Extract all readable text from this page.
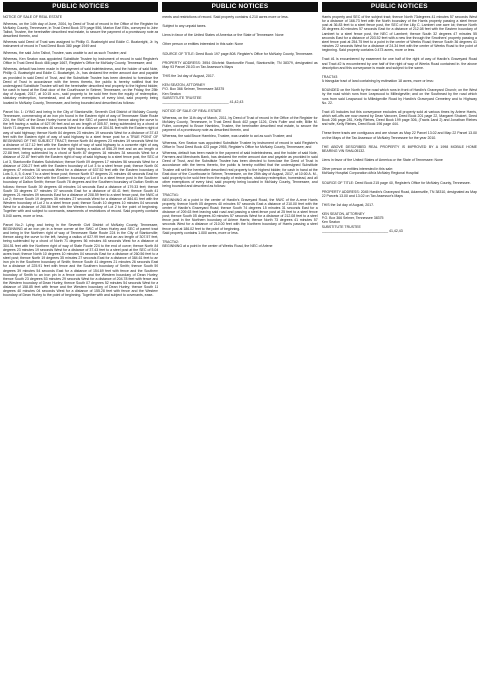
PUBLIC NOTICES

NOTICE OF SALE OF REAL ESTATE

Whereas, on the 14th day of June, 2004, by Deed of Trust of record in the Office of the Register for McNairy County, Tennessee, in Trust Deed Book 379 page 556, Marion Earl Ellis, conveyed to John Talbot, Trustee, the hereinafter described real estate, to secure the payment of a promissory note as described therein, and

Whereas said Deed of Trust was assigned to Phillip G. Boatwright and Eddie C. Boatwright, Jr. by instrument of record in Trust Deed Book 380 page 1949 and

Whereas, the said John Talbot, Trustee, was unable to act as such Trustee; and

Whereas, Ken Seaton was appointed Substitute Trustee by instrument of record in said Register's Office in Trust Deed Book 466 page 1667, Register's Office for McNairy County, Tennessee; and

Whereas, default has been made in the payment of said indebtedness, and the holder of said Note, Phillip G. Boatwright and Eddie C. Boatwright, Jr., has declared the entire amount due and payable as provided in said Deed of Trust, and the Substitute Trustee has been directed to foreclose the Deed of Trust in accordance with the terms thereto, the public is hereby notified that the undersigned Substitute Trustee will sell the hereinafter described real property to the highest bidder, for cash in hand at the East door of the Courthouse in Selmer, Tennessee, on the Friday, the 25th day of August, 2017, at 10:15 a.m., said property to be sold free from the equity of redemption, statutory redemption, homestead, and all other exemptions of every kind, said property being located in McNairy County, Tennessee, and being bounded and described as follows:

Parcel No. 1: LYING and being in the City of Stantonville, Seventh Civil District of McNairy County, Tennessee, commencing at an iron pin found in the Eastern right of way of Tennessee State Route 224, the SWC of the Dean Hurley home lot and the SEC of parent tract; thence along the curve to the left having a radius of 627.99 feet and an arc length of 305.57, being subtended by a chord of North 71 degrees 56 minutes 46 seconds West for a distance of 304.51 feet with the Eastern right of way of said highway; thence North 84 degrees 23 minutes 19 seconds West for a distance of 37.43 feet with the Eastern right of way of said highway to a steel fence post for a TRUE POINT OF BEGINNING OF THE SUBJECT TRACT; thence North 84 degrees 23 minutes 19 seconds West for a distance of 117.12 feet with the Eastern right of way of said highway to a concrete right of way monument; thence along a curve to the right having a radius of 556.29 feet and an arc length of 22.88 feet, being subtended by a chord of North 87 degrees 16 minutes 34 seconds West for a distance of 22.87 feet with the Eastern right of way of said highway to a steel fence post, the SEC of Lot 3, Stantonville Estates Subdivision; thence North 09 degrees 17 minutes 56 seconds West for a distance of 226.27 feet with the Eastern boundary of Lot 3 to a steel fence post; thence North 00 degrees 47 minutes 16 seconds West for a distance of 637.52 feet with the Eastern boundary of Lots 3, 4, 5, 6 and 7 to a steel fence post; thence North 57 degrees 21 minutes 46 seconds East for a distance of 100.00 feet with the Eastern boundary of Lot 8 to a steel fence post in the Southern boundary of Dalton Smith; thence South 78 degrees and the Southern boundary of Dalton Smith as follows: thence South 39 degrees 48 minutes 14 seconds East a distance of 179.33 feet; thence South 33 degrees 07 minutes 07 seconds East for a distance of 40.41 feet; thence South 41 degrees 21 minutes 09 seconds East for a distance of 208.59 feet to a steel fence post, the NWC of Lot 2; thence South 19 degrees 35 minutes 27 seconds West for a distance of 384.61 feet with the Western boundary of Lot 2 to a steel fence post; thence South 10 degrees 10 minutes 04 seconds West for a distance of 260.56 feet with the Western boundary of Lot 2 to the point of beginning. Together with and subject to covenants, easements of restrictions of record. Said property contains 5.040 acres, more or less.

Parcel No.2: Lying and being in the Seventh Civil District of McNairy County, Tennessee, BEGINNING at an iron pin in a fence corner at the SWC of Dean Hurley and SEC of parent tract and being in the Northern right of way of Tennessee State Route 224 in the City of Stantonville; thence along the curve to the left, having a radius of 627.99 feet and an arc length of 307.57 feet, being subtended by a chord of North 71 degrees 56 minutes 46 seconds West for a distance of 304.51 feet with the Northern right of way of State Route 224 to the end of curve; thence North 84 degrees 23 minutes 19 seconds West for a distance of 37.43 feet to a steel post at the SEC of 5.04 acres tract; thence North 10 degrees 10 minutes 04 seconds East for a distance of 260.56 feet to a steel post; thence North 19 degrees 35 minutes 27 seconds East for a distance of 384.61 feet to an iron pin in the Southern boundary of Smith; thence South 41 degrees 21 minutes 26 seconds East for a distance of 225.91 feet with fence and the Southern boundary of Smith; thence South 59 degrees 39 minutes 54 seconds East for a distance of 154.69 feet with fence and the Southern boundary of Smith to an iron pin in a fence corner and the Western boundary of Dean Hurley; thence South 23 degrees 53 minutes 29 seconds West for a distance of 204.78 feet with fence and the Western boundary of Dean Hurley; thence South 07 degrees 52 minutes 54 seconds West for a distance of 158.85 feet with fence and the Western boundary of Dean Hurley; thence South 11 degrees 40 minutes 04 seconds West for a distance of 155.28 feet with fence and the Western boundary of Dean Hurley to the point of beginning. Together with and subject to covenants, ease-

PUBLIC NOTICES

ments and restrictions of record. Said property contains 4.210 acres more or less.

Subject to any unpaid taxes.

Liens in favor of the United States of America or the State of Tennessee: None

Other person or entities interested in this sale: None

SOURCE OF TITLE: Deed Book 197 page 808. Register's Office for McNairy County, Tennessee.

PROPERTY ADDRESS: 3954 Gilchrist Stantonville Road, Stantonville, TN 38379, designated as Map 93 Parcel 28.03 on Tax Assessor's Maps

THIS the 1st day of August, 2017.

KEN SEATON, ATTORNEY
P.O. Box 366 Selmer, Tennessee 38375
Ken Seaton
SUBSTITUTE TRUSTEE
__________________________________ 41,42,43

NOTICE OF SALE OF REAL ESTATE

Whereas, on the 11th day of March, 2011, by Deed of Trust of record in the Office of the Register for McNairy County, Tennessee, in Trust Deed Book 402 page 1126, Chris Fuller and wife, Billie M. Fuller, conveyed to Bruce Hambleu, Trustee, the hereinafter described real estate, to secure the payment of a promissory note as described therein, and

Whereas, the said Bruce Hambleu, Trustee, was unable to act as such Trustee; and

Whereas, Ken Seaton was appointed Substitute Trustee by instrument of record in said Register's Office in Trust Deed Book 423 page 2955, Register's Office for McNairy County, Tennessee; and

Whereas, default has been made in the payment of said indebtedness, and the holder of said Note, Farmers and Merchants Bank, has declared the entire amount due and payable as provided in said Deed of Trust, and the Substitute Trustee has been directed to foreclose the Deed of Trust in accordance with the terms thereto, the public is hereby notified that the undersigned Substitute Trustee will sell the hereinafter described real property to the highest bidder, for cash in hand at the East door of the Courthouse in Selmer, Tennessee, on the 25th day of August, 2017, at 10:00 A. M., said property to be sold free from the equity of redemption, statutory redemption, homestead, and all other exemptions of every kind, said property being located in McNairy County, Tennessee, and being bounded and described as follows:

TRACT#1:
BEGINNING at a point in the center of Hardin's Graveyard Road, the NWC of the A-rene Harris property; thence North 05 degrees 40 minutes 57 seconds East a distance of 210.00 feet with the center of Hardin's Graveyard Road; thence South 74 degrees 15 minutes 31 seconds East for a distance of 209.63 feet leaving said road and passing a steel-fence post at 25 feet to a steel fence post; thence South 05 degrees 40 minutes 57 seconds West for a distance of 212.08 feet to a steel fence post in the Northern boundary of Arlene Harris; thence North 73 degrees 41 minutes 57 seconds West for a distance of 210.00 feet with the Northern boundary of Harris passing a steel fence post at 186.02 feet to the point of beginning.
Said property contains 1.000 acres, more or less.

TRACT#2:
BEGINNING at a point in the center of Weeks Road, the NEC of Arlene

PUBLIC NOTICES

Harris property and SEC of the subject tract; thence North 73degrees 41 minutes 57 seconds West for a distance of 166.73 feet with the North boundary of the Harris property passing a steel fence post at 36.83 feet to a steel fence post, the SEC of the Lilly C. Lambert one acre lot; thence North 05 degrees 40 minutes 57 seconds East for a distance of 212.08 feet with the Eastern boundary of Lambert to a steel fence post, the NEC of Lambert; thence South 32 degrees 47 minutes 55 seconds East for a distance of 203.52 feet with a new line through the Smothers' property passing a steel fence post at 254.75 feet to a point in the center of Weeks Road; thence South 36 degrees 41 minutes 22 seconds West for a distance of 24.34 feet with the center of Weeks Road to the point of beginning. Said property contains 0.473 acres, more or less.

Tract #1 is encumbered by easement for one half of the right of way of Hardin's Graveyard Road and Tract #2 is encumbered by one half of the right of way of Weeks Road contained in. the above description and this conveyance is made and subject to the same.

TRACT#3
A triangular tract of land containing by estimation 18 acres, more or less:

BOUNDED on the North by the road which runs in front of Hardin's Graveyard Church; on the West by the road which runs from Leapwood to Milledgeville; and on the Southeast by the road which runs from said Leapwood to Milledgeville Road by Hardin's Graveyard Cemetery and to Highway No. 22.

Tract #3 Includes but this conveyance excludes all property sold at various times by Arlene Harris, which sell-offs are now owned by Dean Vanover, Deed Book 201 page 22, Margaret Shukert, Deed Book 206 page 281, Kelly Riebes, Deed Book 199 page 306, (Tracts 1and 2) and Jonathan Riebes and wife, Kelly Riebes, Deed Book 196 page 444.

These three tracts are contiguous and are shown as Map 22 Parcel 13.02 and Map 22 Parcel 13.00 on the Maps of the Tax Assessor of McNairy Tennessee for the year 2010.

THE ABOVE DESCRIBED REAL PROPERTY IS IMPROVED BY A 1998 MOBILE HOME BEARING VIN SHAL05132.

Liens in favor of the United States of America or the State of Tennessee: None

Other person or entities interested in this sale:
McNairy Hospital Corporation d/b/a McNairy Regional Hospital

SOURCE OF TITLE: Deed Book 215 page 40, Register's Office for McNairy County, Tennessee.

PROPERTY ADDRESS: 2045 Hardin's Graveyard Road, Adamsville, TN 38310, designated as Map 22 Parcels 13.00 and 13.02 on Tax Assessor's Maps

THIS the 1st day of August, 2017.

KEN SEATON, ATTORNEY
P.O. Box 366 Selmer, Tennessee 38375
Ken Seaton
SUBSTITUTE TRUSTEE
__________________________________ 41,42,43
